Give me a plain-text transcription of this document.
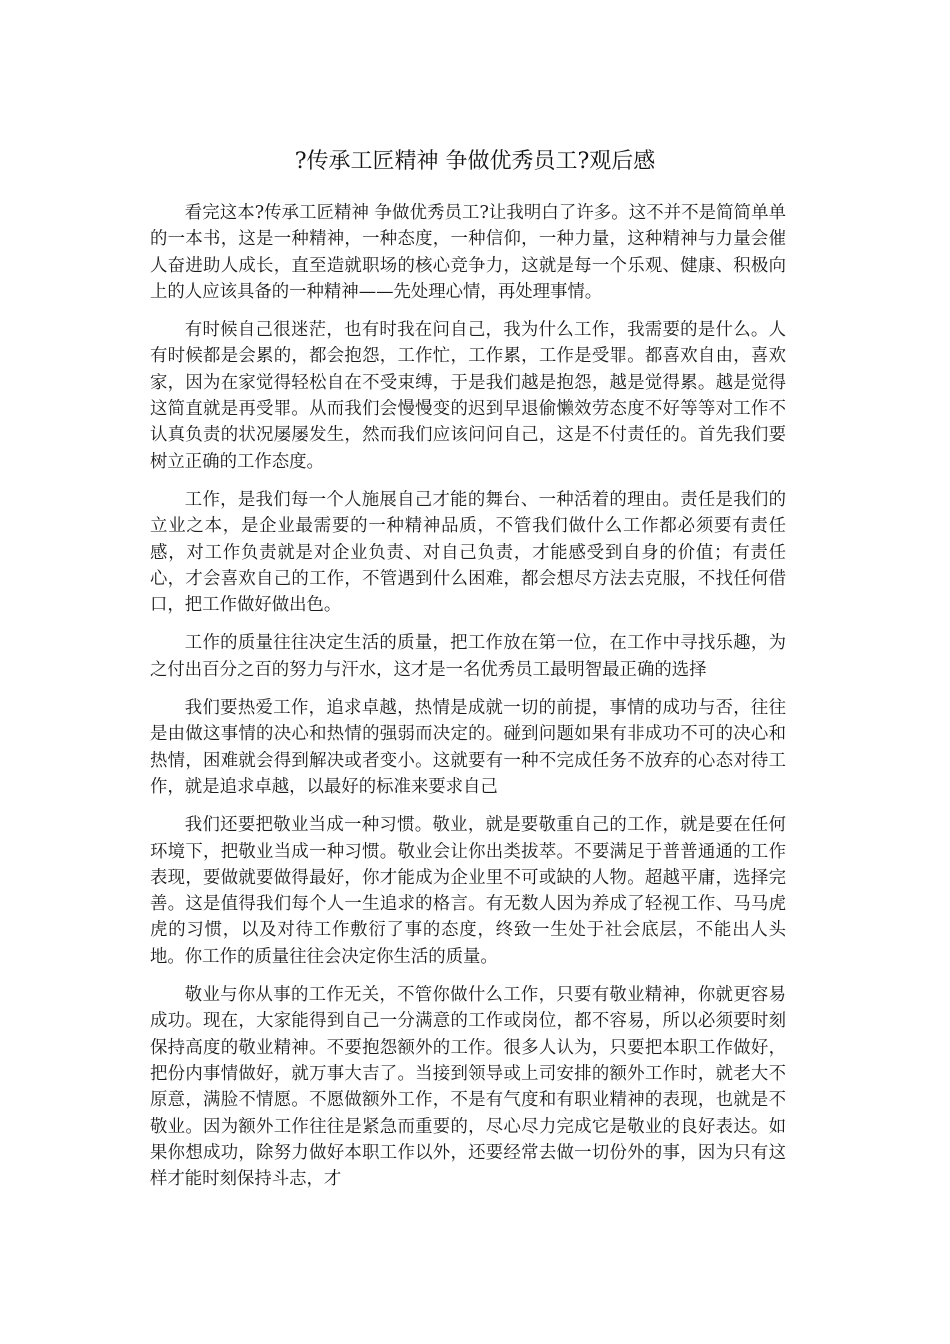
?传承工匠精神 争做优秀员工?观后感

看完这本?传承工匠精神 争做优秀员工?让我明白了许多。这不并不是简简单单的一本书，这是一种精神，一种态度，一种信仰，一种力量，这种精神与力量会催人奋进助人成长，直至造就职场的核心竞争力，这就是每一个乐观、健康、积极向上的人应该具备的一种精神——先处理心情，再处理事情。

有时候自己很迷茫，也有时我在问自己，我为什么工作，我需要的是什么。人有时候都是会累的，都会抱怨，工作忙，工作累，工作是受罪。都喜欢自由，喜欢家，因为在家觉得轻松自在不受束缚，于是我们越是抱怨，越是觉得累。越是觉得这简直就是再受罪。从而我们会慢慢变的迟到早退偷懒效劳态度不好等等对工作不认真负责的状况屡屡发生，然而我们应该问问自己，这是不付责任的。首先我们要树立正确的工作态度。

工作，是我们每一个人施展自己才能的舞台、一种活着的理由。责任是我们的立业之本，是企业最需要的一种精神品质，不管我们做什么工作都必须要有责任感，对工作负责就是对企业负责、对自己负责，才能感受到自身的价值；有责任心，才会喜欢自己的工作，不管遇到什么困难，都会想尽方法去克服，不找任何借口，把工作做好做出色。

工作的质量往往决定生活的质量，把工作放在第一位，在工作中寻找乐趣，为之付出百分之百的努力与汗水，这才是一名优秀员工最明智最正确的选择

我们要热爱工作，追求卓越，热情是成就一切的前提，事情的成功与否，往往是由做这事情的决心和热情的强弱而决定的。碰到问题如果有非成功不可的决心和热情，困难就会得到解决或者变小。这就要有一种不完成任务不放弃的心态对待工作，就是追求卓越，以最好的标准来要求自己

我们还要把敬业当成一种习惯。敬业，就是要敬重自己的工作，就是要在任何环境下，把敬业当成一种习惯。敬业会让你出类拔萃。不要满足于普普通通的工作表现，要做就要做得最好，你才能成为企业里不可或缺的人物。超越平庸，选择完善。这是值得我们每个人一生追求的格言。有无数人因为养成了轻视工作、马马虎虎的习惯，以及对待工作敷衍了事的态度，终致一生处于社会底层，不能出人头地。你工作的质量往往会决定你生活的质量。

敬业与你从事的工作无关，不管你做什么工作，只要有敬业精神，你就更容易成功。现在，大家能得到自己一分满意的工作或岗位，都不容易，所以必须要时刻保持高度的敬业精神。不要抱怨额外的工作。很多人认为，只要把本职工作做好，把份内事情做好，就万事大吉了。当接到领导或上司安排的额外工作时，就老大不原意，满脸不情愿。不愿做额外工作，不是有气度和有职业精神的表现，也就是不敬业。因为额外工作往往是紧急而重要的，尽心尽力完成它是敬业的良好表达。如果你想成功，除努力做好本职工作以外，还要经常去做一切份外的事，因为只有这样才能时刻保持斗志，才
